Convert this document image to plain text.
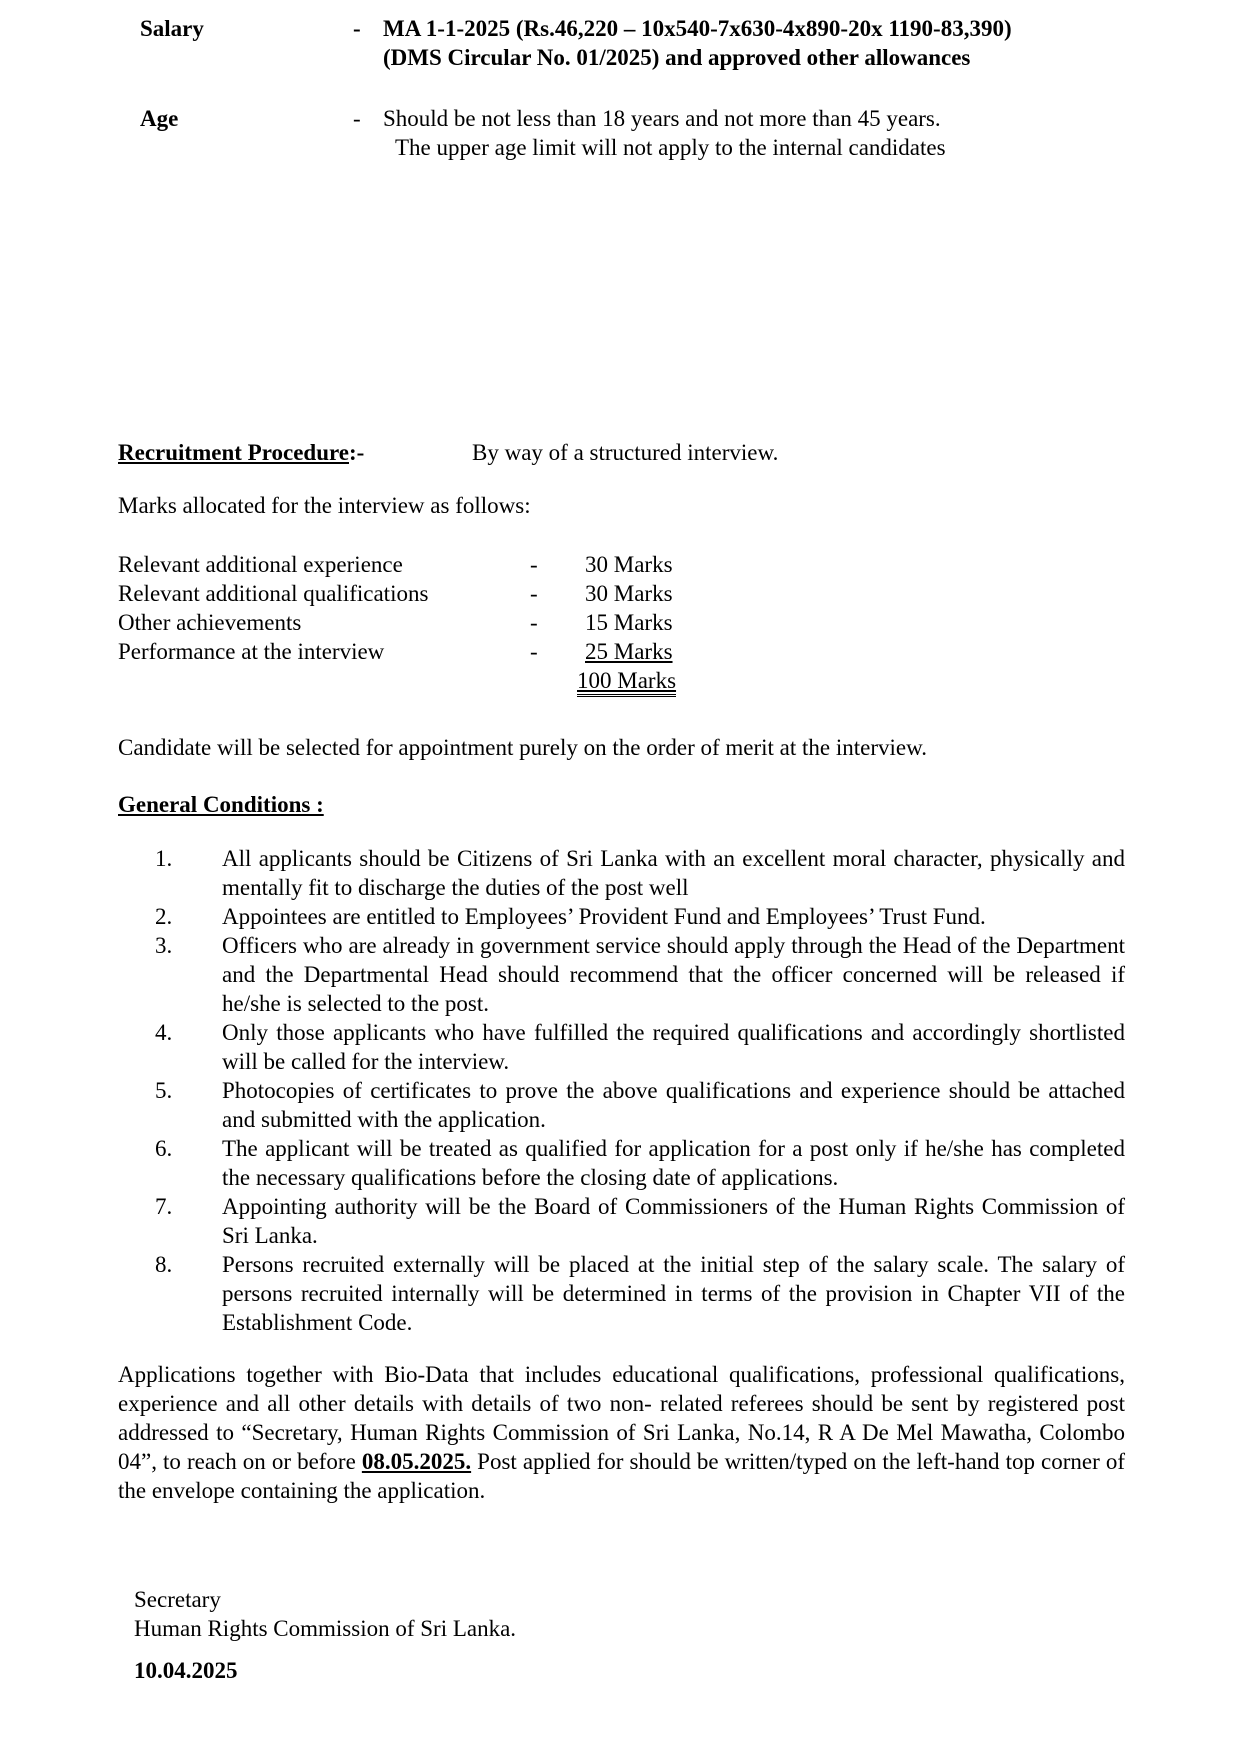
Salary	- MA 1-1-2025 (Rs.46,220 – 10x540-7x630-4x890-20x 1190-83,390)
(DMS Circular No. 01/2025) and approved other allowances
Age	- Should be not less than 18 years and not more than 45 years.
The upper age limit will not apply to the internal candidates
Recruitment Procedure:-	By way of a structured interview.
Marks allocated for the interview as follows:
Relevant additional experience	-	30 Marks
Relevant additional qualifications	-	30 Marks
Other achievements	-	15 Marks
Performance at the interview	-	25 Marks
100 Marks
Candidate will be selected for appointment purely on the order of merit at the interview.
General Conditions :
1.	All applicants should be Citizens of Sri Lanka with an excellent moral character, physically and mentally fit to discharge the duties of the post well
2.	Appointees are entitled to Employees’ Provident Fund and Employees’ Trust Fund.
3.	Officers who are already in government service should apply through the Head of the Department and the Departmental Head should recommend that the officer concerned will be released if he/she is selected to the post.
4.	Only those applicants who have fulfilled the required qualifications and accordingly shortlisted will be called for the interview.
5.	Photocopies of certificates to prove the above qualifications and experience should be attached and submitted with the application.
6.	The applicant will be treated as qualified for application for a post only if he/she has completed the necessary qualifications before the closing date of applications.
7.	Appointing authority will be the Board of Commissioners of the Human Rights Commission of Sri Lanka.
8.	Persons recruited externally will be placed at the initial step of the salary scale. The salary of persons recruited internally will be determined in terms of the provision in Chapter VII of the Establishment Code.
Applications together with Bio-Data that includes educational qualifications, professional qualifications, experience and all other details with details of two non- related referees should be sent by registered post addressed to “Secretary, Human Rights Commission of Sri Lanka, No.14, R A De Mel Mawatha, Colombo 04”, to reach on or before 08.05.2025. Post applied for should be written/typed on the left-hand top corner of the envelope containing the application.
Secretary
Human Rights Commission of Sri Lanka.
10.04.2025
